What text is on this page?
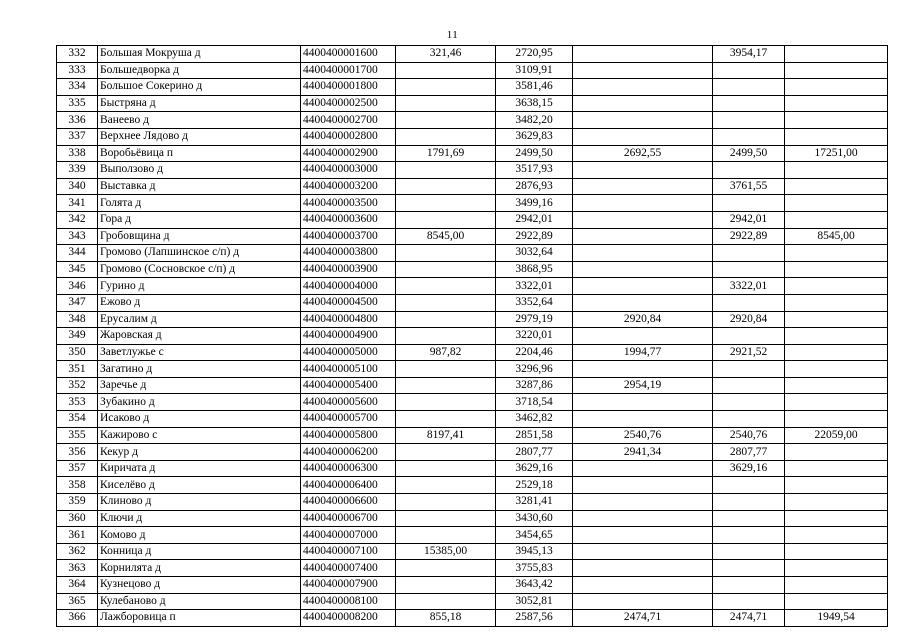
11
332	Большая Мокруша д	4400400001600	321,46	2720,95		3954,17	
333	Большедворка д	4400400001700		3109,91			
334	Большое Сокерино д	4400400001800		3581,46			
335	Быстряна д	4400400002500		3638,15			
336	Ванеево д	4400400002700		3482,20			
337	Верхнее Лядово д	4400400002800		3629,83			
338	Воробьёвица п	4400400002900	1791,69	2499,50	2692,55	2499,50	17251,00
339	Выползово д	4400400003000		3517,93			
340	Выставка д	4400400003200		2876,93		3761,55	
341	Голята д	4400400003500		3499,16			
342	Гора д	4400400003600		2942,01		2942,01	
343	Гробовщина д	4400400003700	8545,00	2922,89		2922,89	8545,00
344	Громово (Лапшинское с/п) д	4400400003800		3032,64			
345	Громово (Сосновское с/п) д	4400400003900		3868,95			
346	Гурино д	4400400004000		3322,01		3322,01	
347	Ежово д	4400400004500		3352,64			
348	Ерусалим д	4400400004800		2979,19	2920,84	2920,84	
349	Жаровская д	4400400004900		3220,01			
350	Заветлужье с	4400400005000	987,82	2204,46	1994,77	2921,52	
351	Загатино д	4400400005100		3296,96			
352	Заречье д	4400400005400		3287,86	2954,19		
353	Зубакино д	4400400005600		3718,54			
354	Исаково д	4400400005700		3462,82			
355	Кажирово с	4400400005800	8197,41	2851,58	2540,76	2540,76	22059,00
356	Кекур д	4400400006200		2807,77	2941,34	2807,77	
357	Киричата д	4400400006300		3629,16		3629,16	
358	Киселёво д	4400400006400		2529,18			
359	Клиново д	4400400006600		3281,41			
360	Ключи д	4400400006700		3430,60			
361	Комово д	4400400007000		3454,65			
362	Конница д	4400400007100	15385,00	3945,13			
363	Корнилята д	4400400007400		3755,83			
364	Кузнецово д	4400400007900		3643,42			
365	Кулебаново д	4400400008100		3052,81			
366	Лажборовица п	4400400008200	855,18	2587,56	2474,71	2474,71	1949,54
